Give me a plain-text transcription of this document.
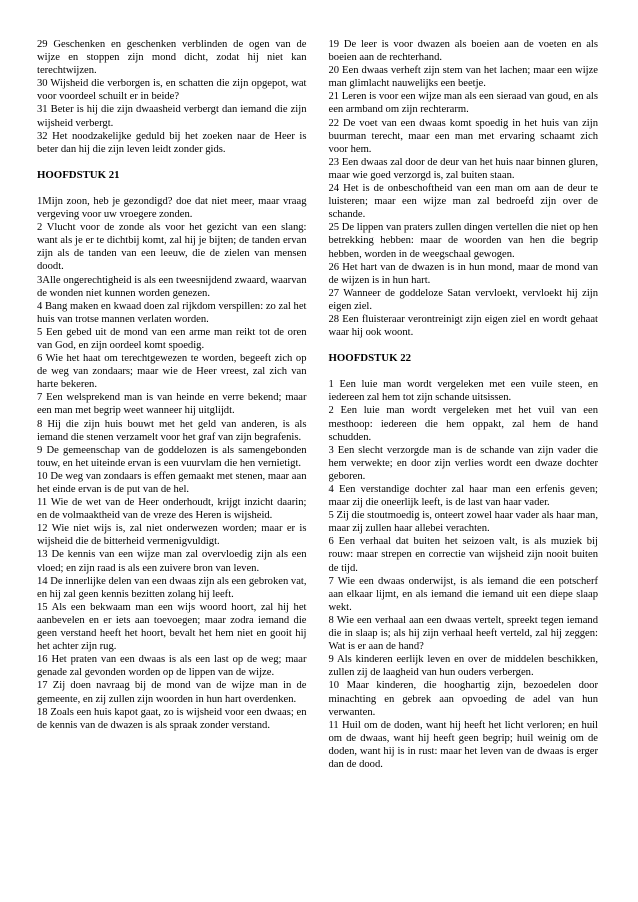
29 Geschenken en geschenken verblinden de ogen van de wijze en stoppen zijn mond dicht, zodat hij niet kan terechtwijzen.

30 Wijsheid die verborgen is, en schatten die zijn opgepot, wat voor voordeel schuilt er in beide?

31 Beter is hij die zijn dwaasheid verbergt dan iemand die zijn wijsheid verbergt.

32 Het noodzakelijke geduld bij het zoeken naar de Heer is beter dan hij die zijn leven leidt zonder gids.

HOOFDSTUK 21

1Mijn zoon, heb je gezondigd? doe dat niet meer, maar vraag vergeving voor uw vroegere zonden.

2 Vlucht voor de zonde als voor het gezicht van een slang: want als je er te dichtbij komt, zal hij je bijten; de tanden ervan zijn als de tanden van een leeuw, die de zielen van mensen doodt.

3Alle ongerechtigheid is als een tweesnijdend zwaard, waarvan de wonden niet kunnen worden genezen.

4 Bang maken en kwaad doen zal rijkdom verspillen: zo zal het huis van trotse mannen verlaten worden.

5 Een gebed uit de mond van een arme man reikt tot de oren van God, en zijn oordeel komt spoedig.

6 Wie het haat om terechtgewezen te worden, begeeft zich op de weg van zondaars; maar wie de Heer vreest, zal zich van harte bekeren.

7 Een welsprekend man is van heinde en verre bekend; maar een man met begrip weet wanneer hij uitglijdt.

8 Hij die zijn huis bouwt met het geld van anderen, is als iemand die stenen verzamelt voor het graf van zijn begrafenis.

9 De gemeenschap van de goddelozen is als samengebonden touw, en het uiteinde ervan is een vuurvlam die hen vernietigt.

10 De weg van zondaars is effen gemaakt met stenen, maar aan het einde ervan is de put van de hel.

11 Wie de wet van de Heer onderhoudt, krijgt inzicht daarin; en de volmaaktheid van de vreze des Heren is wijsheid.

12 Wie niet wijs is, zal niet onderwezen worden; maar er is wijsheid die de bitterheid vermenigvuldigt.

13 De kennis van een wijze man zal overvloedig zijn als een vloed; en zijn raad is als een zuivere bron van leven.

14 De innerlijke delen van een dwaas zijn als een gebroken vat, en hij zal geen kennis bezitten zolang hij leeft.

15 Als een bekwaam man een wijs woord hoort, zal hij het aanbevelen en er iets aan toevoegen; maar zodra iemand die geen verstand heeft het hoort, bevalt het hem niet en gooit hij het achter zijn rug.

16 Het praten van een dwaas is als een last op de weg; maar genade zal gevonden worden op de lippen van de wijze.

17 Zij doen navraag bij de mond van de wijze man in de gemeente, en zij zullen zijn woorden in hun hart overdenken.

18 Zoals een huis kapot gaat, zo is wijsheid voor een dwaas; en de kennis van de dwazen is als spraak zonder verstand.

19 De leer is voor dwazen als boeien aan de voeten en als boeien aan de rechterhand.

20 Een dwaas verheft zijn stem van het lachen; maar een wijze man glimlacht nauwelijks een beetje.

21 Leren is voor een wijze man als een sieraad van goud, en als een armband om zijn rechterarm.

22 De voet van een dwaas komt spoedig in het huis van zijn buurman terecht, maar een man met ervaring schaamt zich voor hem.

23 Een dwaas zal door de deur van het huis naar binnen gluren, maar wie goed verzorgd is, zal buiten staan.

24 Het is de onbeschoftheid van een man om aan de deur te luisteren; maar een wijze man zal bedroefd zijn over de schande.

25 De lippen van praters zullen dingen vertellen die niet op hen betrekking hebben: maar de woorden van hen die begrip hebben, worden in de weegschaal gewogen.

26 Het hart van de dwazen is in hun mond, maar de mond van de wijzen is in hun hart.

27 Wanneer de goddeloze Satan vervloekt, vervloekt hij zijn eigen ziel.

28 Een fluisteraar verontreinigt zijn eigen ziel en wordt gehaat waar hij ook woont.

HOOFDSTUK 22

1 Een luie man wordt vergeleken met een vuile steen, en iedereen zal hem tot zijn schande uitsissen.

2 Een luie man wordt vergeleken met het vuil van een mesthoop: iedereen die hem oppakt, zal hem de hand schudden.

3 Een slecht verzorgde man is de schande van zijn vader die hem verwekte; en door zijn verlies wordt een dwaze dochter geboren.

4 Een verstandige dochter zal haar man een erfenis geven; maar zij die oneerlijk leeft, is de last van haar vader.

5 Zij die stoutmoedig is, onteert zowel haar vader als haar man, maar zij zullen haar allebei verachten.

6 Een verhaal dat buiten het seizoen valt, is als muziek bij rouw: maar strepen en correctie van wijsheid zijn nooit buiten de tijd.

7 Wie een dwaas onderwijst, is als iemand die een potscherf aan elkaar lijmt, en als iemand die iemand uit een diepe slaap wekt.

8 Wie een verhaal aan een dwaas vertelt, spreekt tegen iemand die in slaap is; als hij zijn verhaal heeft verteld, zal hij zeggen: Wat is er aan de hand?

9 Als kinderen eerlijk leven en over de middelen beschikken, zullen zij de laagheid van hun ouders verbergen.

10 Maar kinderen, die hooghartig zijn, bezoedelen door minachting en gebrek aan opvoeding de adel van hun verwanten.

11 Huil om de doden, want hij heeft het licht verloren; en huil om de dwaas, want hij heeft geen begrip; huil weinig om de doden, want hij is in rust: maar het leven van de dwaas is erger dan de dood.
